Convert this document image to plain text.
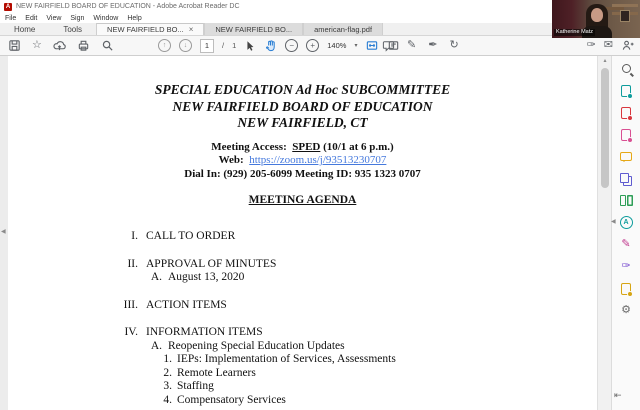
A NEW FAIRFIELD BOARD OF EDUCATION - Adobe Acrobat Reader DC
File Edit View Sign Window Help
Home	Tools	NEW FAIRFIELD BO... ×	NEW FAIRFIELD BO...	american-flag.pdf
☆	↑	↓	1	/ 1	−	+	140% ▾	✎ ✒ ↻	✑ ✉
◀
SPECIAL EDUCATION Ad Hoc SUBCOMMITTEE
NEW FAIRFIELD BOARD OF EDUCATION
NEW FAIRFIELD, CT
Meeting Access: SPED (10/1 at 6 p.m.)
Web: https://zoom.us/j/93513230707
Dial In: (929) 205-6099 Meeting ID: 935 1323 0707
MEETING AGENDA
I. CALL TO ORDER
II. APPROVAL OF MINUTES
A. August 13, 2020
III. ACTION ITEMS
IV. INFORMATION ITEMS
A. Reopening Special Education Updates
1. IEPs: Implementation of Services, Assessments
2. Remote Learners
3. Staffing
4. Compensatory Services
▴
A
✎
✑
⚙
◀
⇤
Katherine Matz
